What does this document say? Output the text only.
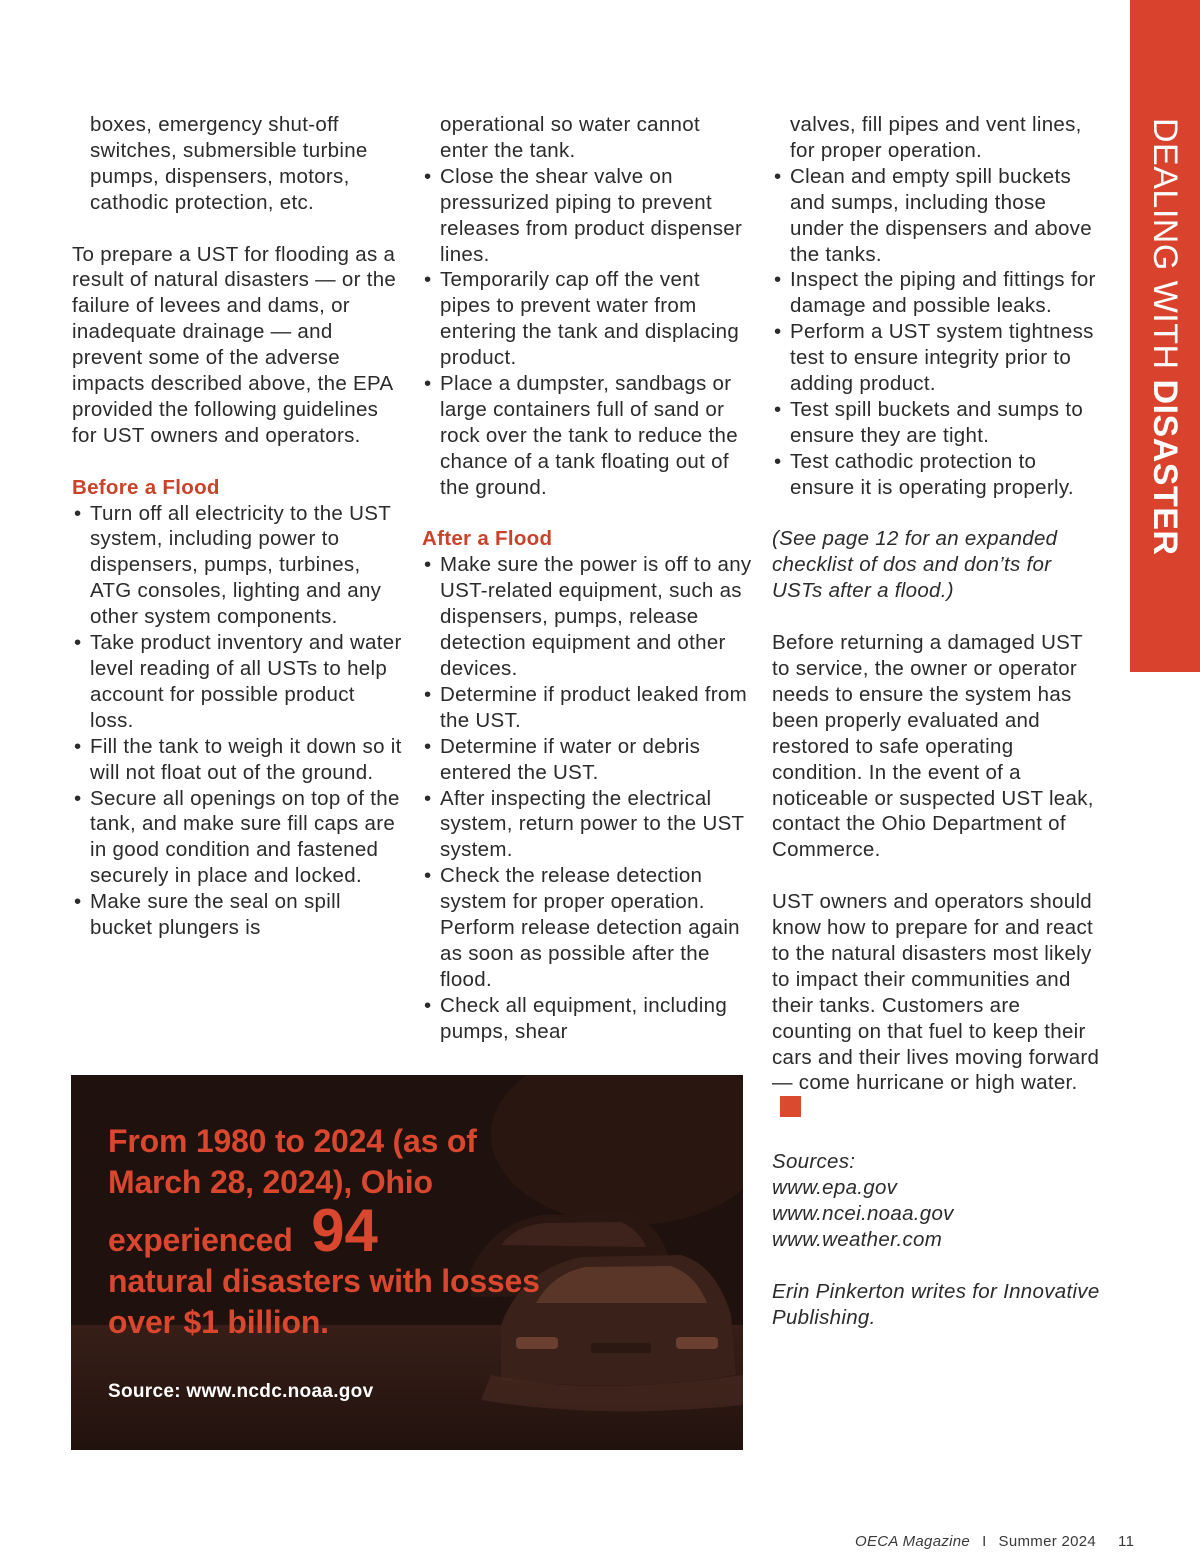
DEALING WITH DISASTER

boxes, emergency shut-off switches, submersible turbine pumps, dispensers, motors, cathodic protection, etc.

To prepare a UST for flooding as a result of natural disasters — or the failure of levees and dams, or inadequate drainage — and prevent some of the adverse impacts described above, the EPA provided the following guidelines for UST owners and operators.

Before a Flood

• Turn off all electricity to the UST system, including power to dispensers, pumps, turbines, ATG consoles, lighting and any other system components.
• Take product inventory and water level reading of all USTs to help account for possible product loss.
• Fill the tank to weigh it down so it will not float out of the ground.
• Secure all openings on top of the tank, and make sure fill caps are in good condition and fastened securely in place and locked.
• Make sure the seal on spill bucket plungers is

operational so water cannot enter the tank.

• Close the shear valve on pressurized piping to prevent releases from product dispenser lines.
• Temporarily cap off the vent pipes to prevent water from entering the tank and displacing product.
• Place a dumpster, sandbags or large containers full of sand or rock over the tank to reduce the chance of a tank floating out of the ground.

After a Flood

• Make sure the power is off to any UST-related equipment, such as dispensers, pumps, release detection equipment and other devices.
• Determine if product leaked from the UST.
• Determine if water or debris entered the UST.
• After inspecting the electrical system, return power to the UST system.
• Check the release detection system for proper operation. Perform release detection again as soon as possible after the flood.
• Check all equipment, including pumps, shear

valves, fill pipes and vent lines, for proper operation.

• Clean and empty spill buckets and sumps, including those under the dispensers and above the tanks.
• Inspect the piping and fittings for damage and possible leaks.
• Perform a UST system tightness test to ensure integrity prior to adding product.
• Test spill buckets and sumps to ensure they are tight.
• Test cathodic protection to ensure it is operating properly.

(See page 12 for an expanded checklist of dos and don’ts for USTs after a flood.)

Before returning a damaged UST to service, the owner or operator needs to ensure the system has been properly evaluated and restored to safe operating condition. In the event of a noticeable or suspected UST leak, contact the Ohio Department of Commerce.

UST owners and operators should know how to prepare for and react to the natural disasters most likely to impact their communities and their tanks. Customers are counting on that fuel to keep their cars and their lives moving forward — come hurricane or high water.

Sources:

www.epa.gov

www.ncei.noaa.gov

www.weather.com

Erin Pinkerton writes for Innovative Publishing.

From 1980 to 2024 (as of March 28, 2024), Ohio experienced 94
natural disasters with losses over $1 billion.
Source: www.ncdc.noaa.gov
OECA Magazine I Summer 2024 11
